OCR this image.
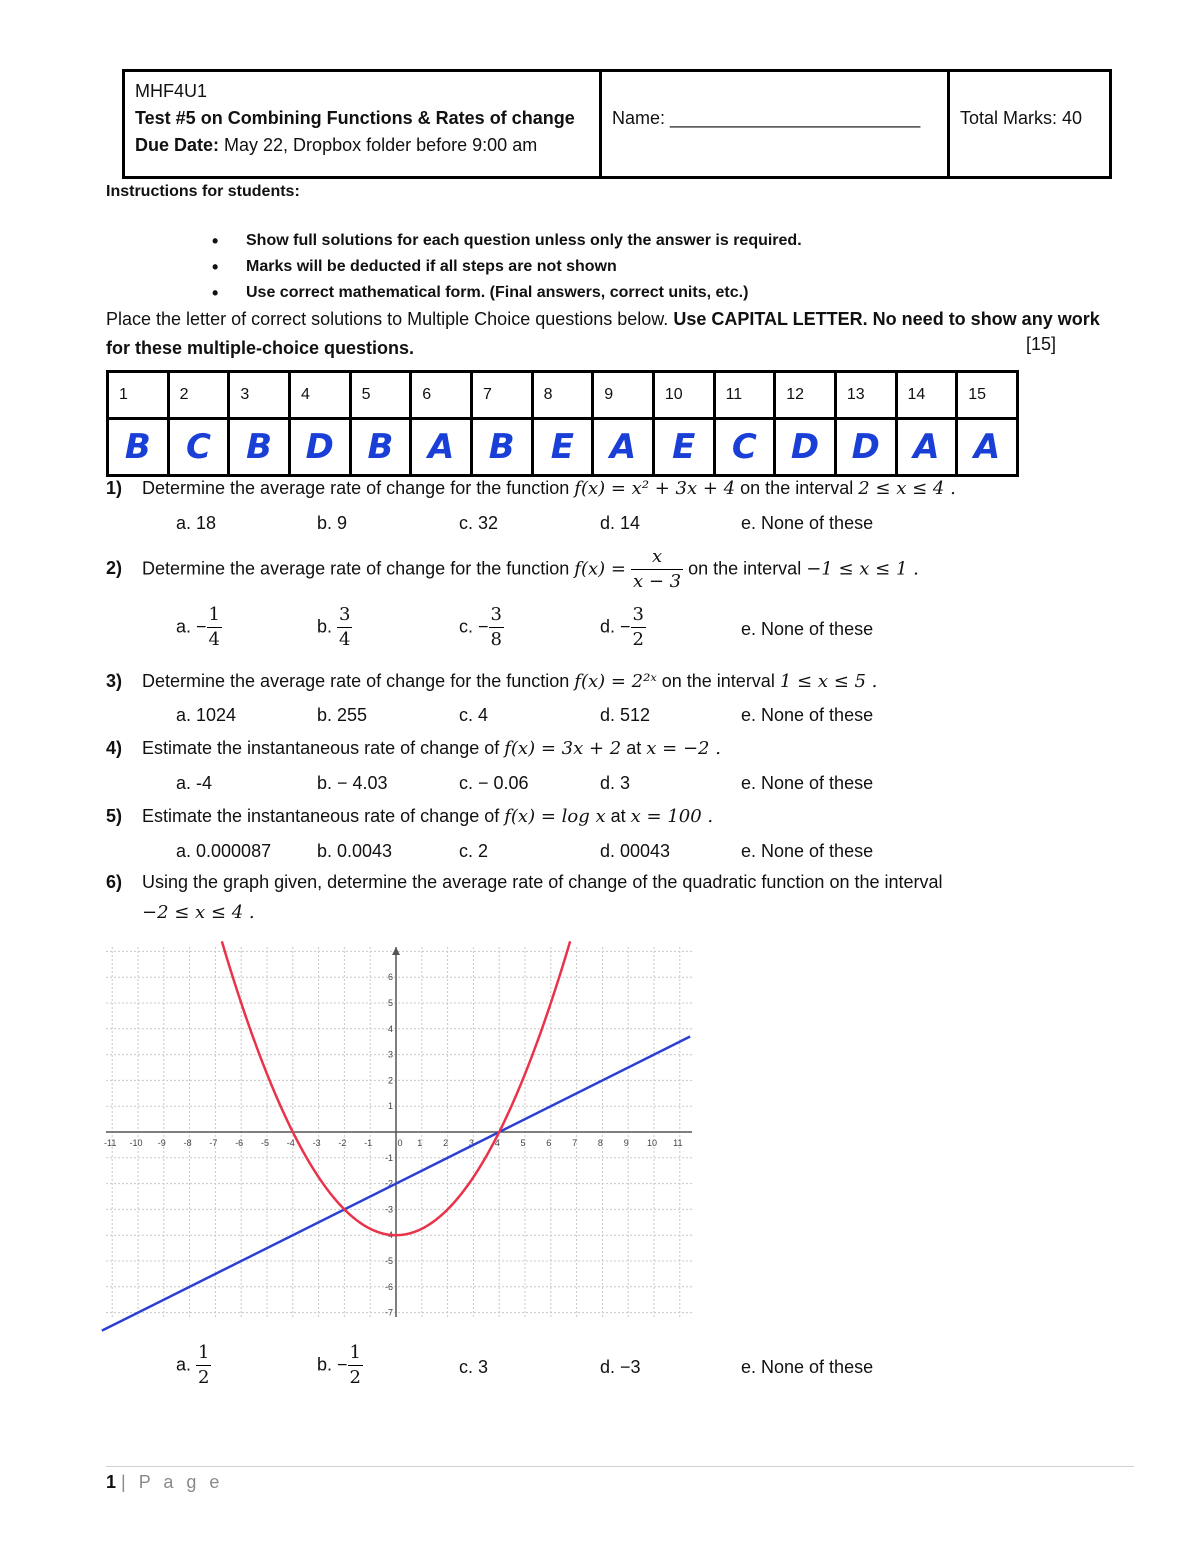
MHF4U1
Test #5 on Combining Functions & Rates of change
Due Date: May 22, Dropbox folder before 9:00 am
Name: _________________________	Total Marks: 40
Instructions for students:
• Show full solutions for each question unless only the answer is required.
• Marks will be deducted if all steps are not shown
• Use correct mathematical form. (Final answers, correct units, etc.)
Place the letter of correct solutions to Multiple Choice questions below. Use CAPITAL LETTER. No need to show any work for these multiple-choice questions.	[15]
1	2	3	4	5	6	7	8	9	10	11	12	13	14	15
B	C	B	D	B	A	B	E	A	E	C	D	D	A	A
1) Determine the average rate of change for the function f(x) = x² + 3x + 4 on the interval 2 ≤ x ≤ 4 .
a. 18	b. 9	c. 32	d. 14	e. None of these
2) Determine the average rate of change for the function $f(x) = \frac{x}{x - 3}$ on the interval −1 ≤ x ≤ 1 .
a. − $\frac{1}{4}$	b. $\frac{3}{4}$	c. − $\frac{3}{8}$	d. − $\frac{3}{2}$	e. None of these
3) Determine the average rate of change for the function f(x) = 2²ˣ on the interval 1 ≤ x ≤ 5 .
a. 1024	b. 255	c. 4	d. 512	e. None of these
4) Estimate the instantaneous rate of change of f(x) = 3x + 2 at x = −2 .
a. -4	b. − 4.03	c. − 0.06	d. 3	e. None of these
5) Estimate the instantaneous rate of change of f(x) = log x at x = 100 .
a. 0.000087	b. 0.0043	c. 2	d. 00043	e. None of these
6) Using the graph given, determine the average rate of change of the quadratic function on the interval
−2 ≤ x ≤ 4 .
-11 -10 -9 -8 -7 -6 -5 -4 -3 -2 -1	0 1 2 3 4 5 6 7 8 9 10 11
6
5
4
3
2
1
-1
-2
-3
-4
-5
-6
-7
a. $\frac{1}{2}$	b. − $\frac{1}{2}$	c. 3	d. −3	e. None of these
1 | P a g e
